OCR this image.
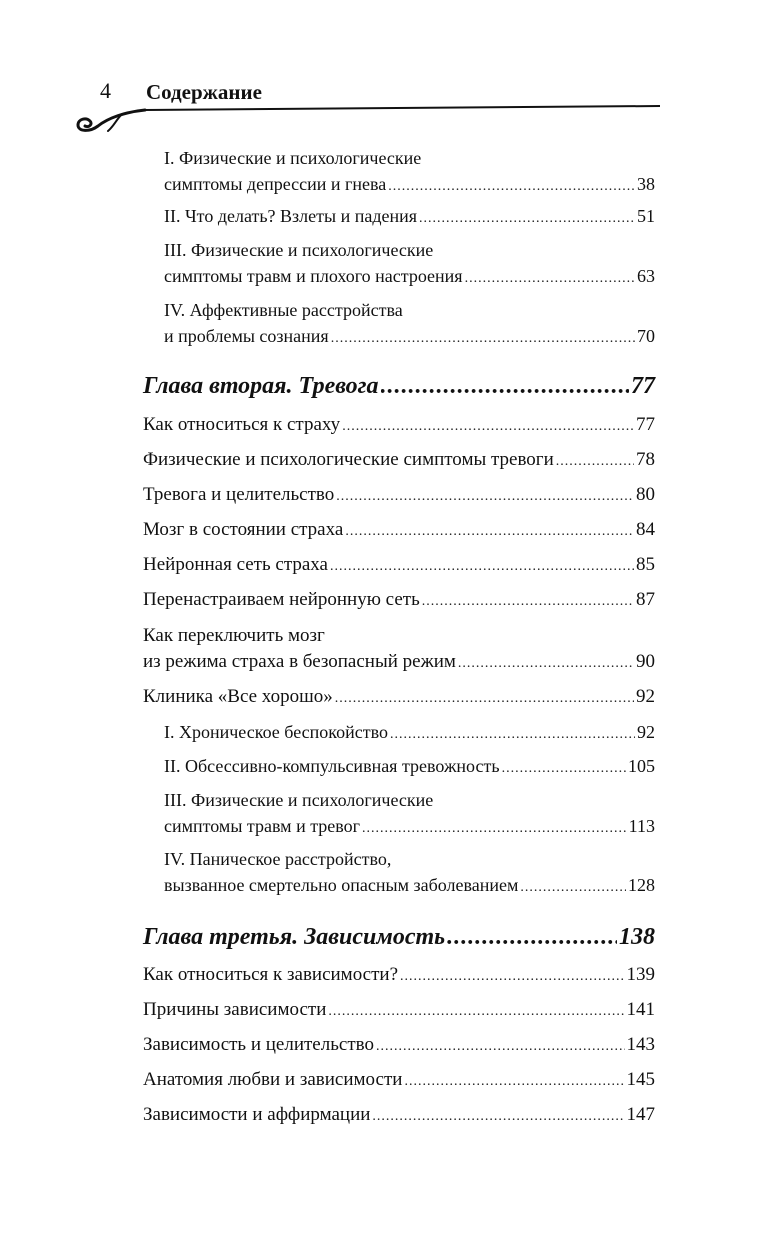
4 Содержание
I. Физические и психологические
симптомы депрессии и гнева .....	38
II. Что делать? Взлеты и падения .....	51
III. Физические и психологические
симптомы травм и плохого настроения .....	63
IV. Аффективные расстройства
и проблемы сознания .....	70
Глава вторая. Тревога .....	77
Как относиться к страху .....	77
Физические и психологические симптомы тревоги .....	78
Тревога и целительство .....	80
Мозг в состоянии страха .....	84
Нейронная сеть страха .....	85
Перенастраиваем нейронную сеть .....	87
Как переключить мозг
из режима страха в безопасный режим .....	90
Клиника «Все хорошо» .....	92
I. Хроническое беспокойство .....	92
II. Обсессивно-компульсивная тревожность .....	105
III. Физические и психологические
симптомы травм и тревог .....	113
IV. Паническое расстройство,
вызванное смертельно опасным заболеванием .....	128
Глава третья. Зависимость .....	138
Как относиться к зависимости? .....	139
Причины зависимости .....	141
Зависимость и целительство .....	143
Анатомия любви и зависимости .....	145
Зависимости и аффирмации .....	147
